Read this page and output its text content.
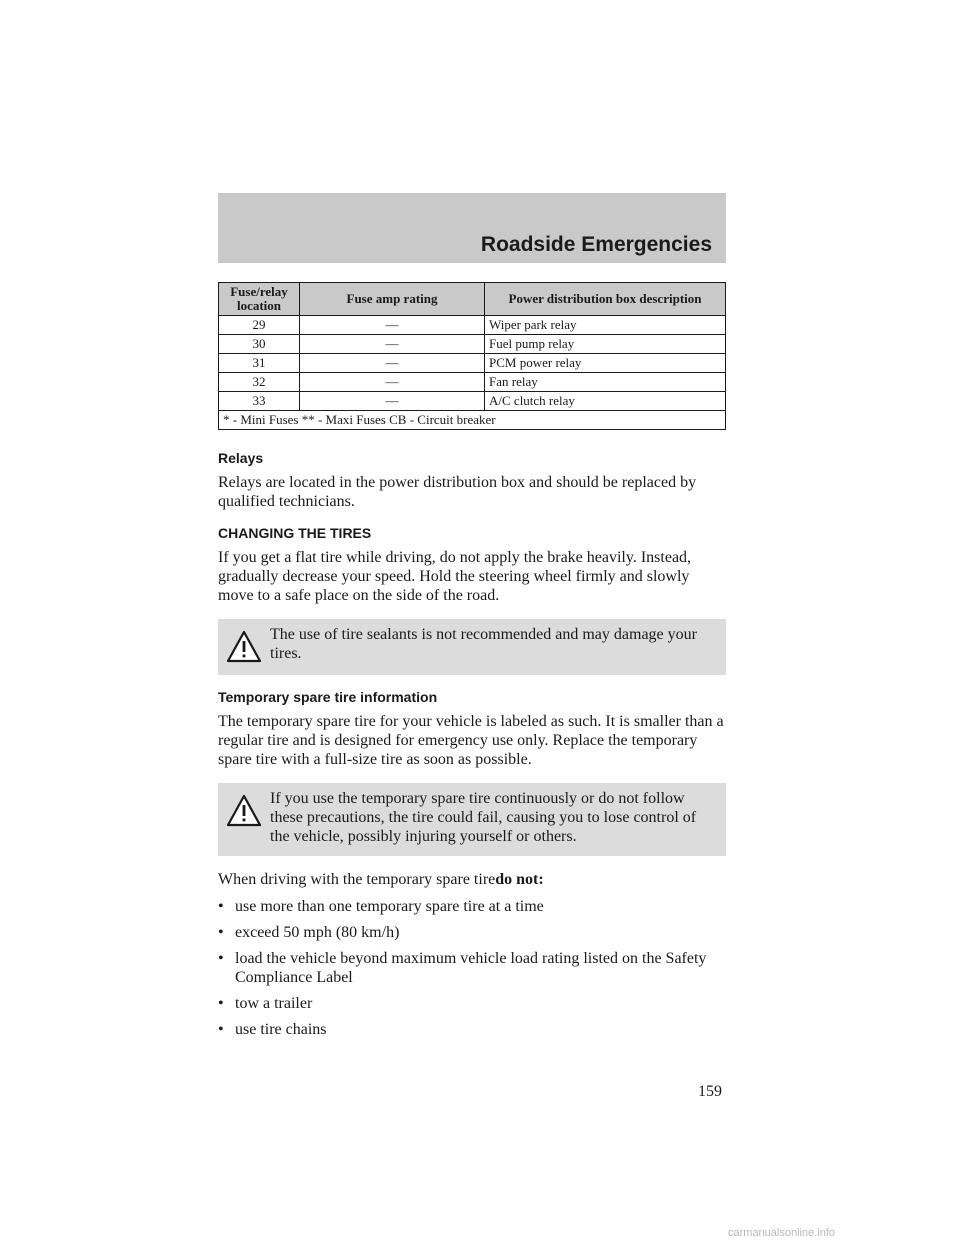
Roadside Emergencies
Fuse/relay location	Fuse amp rating	Power distribution box description
29	—	Wiper park relay
30	—	Fuel pump relay
31	—	PCM power relay
32	—	Fan relay
33	—	A/C clutch relay
* - Mini Fuses ** - Maxi Fuses CB - Circuit breaker		
Relays

Relays are located in the power distribution box and should be replaced by qualified technicians.

CHANGING THE TIRES

If you get a flat tire while driving, do not apply the brake heavily. Instead, gradually decrease your speed. Hold the steering wheel firmly and slowly move to a safe place on the side of the road.

The use of tire sealants is not recommended and may damage your tires.
Temporary spare tire information

The temporary spare tire for your vehicle is labeled as such. It is smaller than a regular tire and is designed for emergency use only. Replace the temporary spare tire with a full-size tire as soon as possible.

If you use the temporary spare tire continuously or do not follow these precautions, the tire could fail, causing you to lose control of the vehicle, possibly injuring yourself or others.

When driving with the temporary spare tiredo not:

• use more than one temporary spare tire at a time
• exceed 50 mph (80 km/h)
• load the vehicle beyond maximum vehicle load rating listed on the Safety Compliance Label
• tow a trailer
• use tire chains
159
carmanualsonline.info
